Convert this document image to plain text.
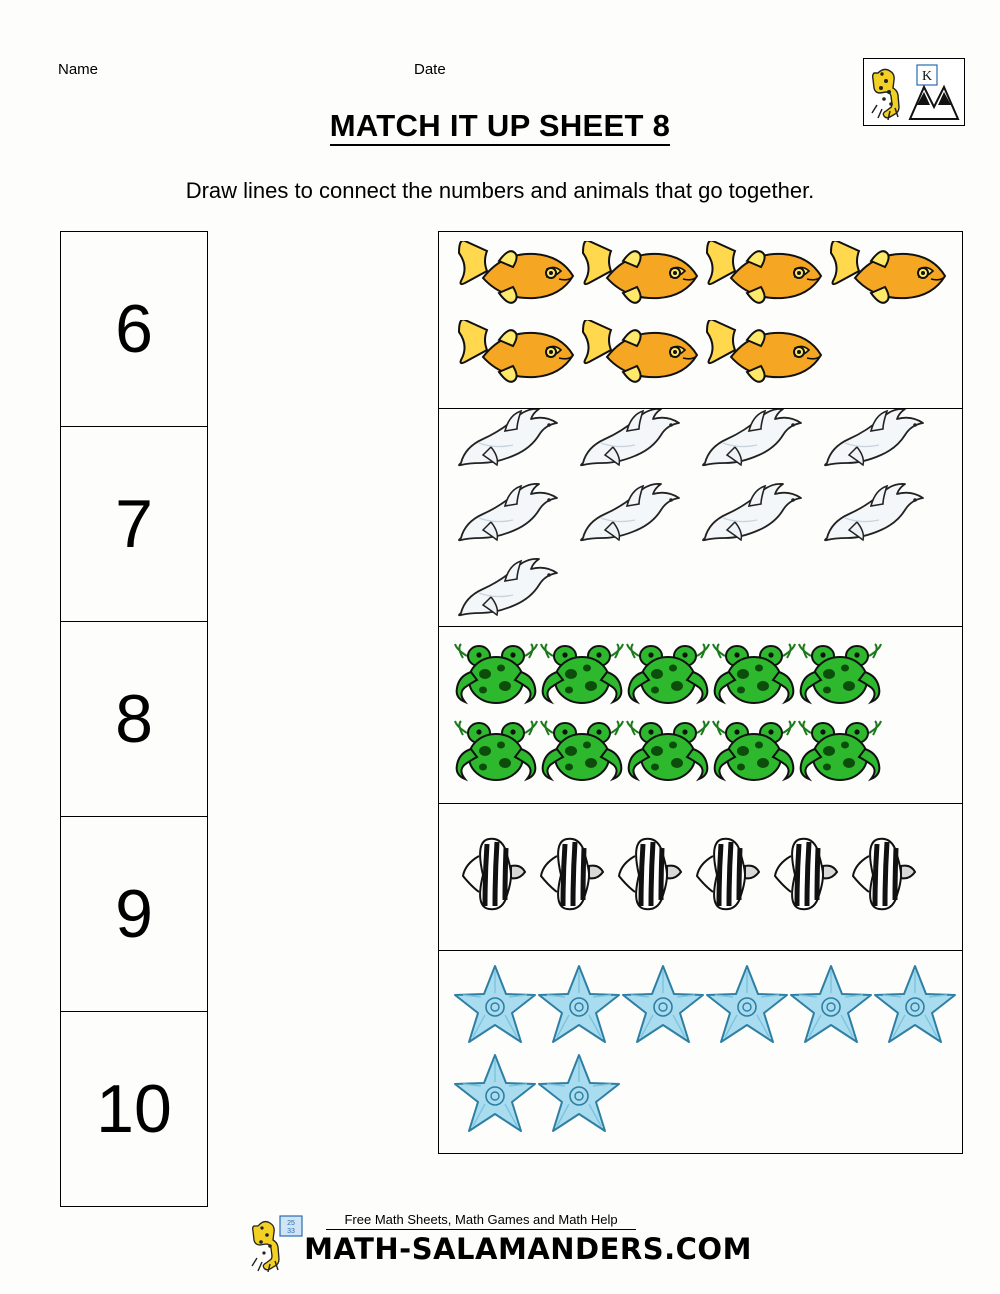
Name	Date	K
MATCH IT UP SHEET 8
Draw lines to connect the numbers and animals that go together.
6
7
8
9
10
25
33
Free Math Sheets, Math Games and Math Help
MATH-SALAMANDERS.COM
